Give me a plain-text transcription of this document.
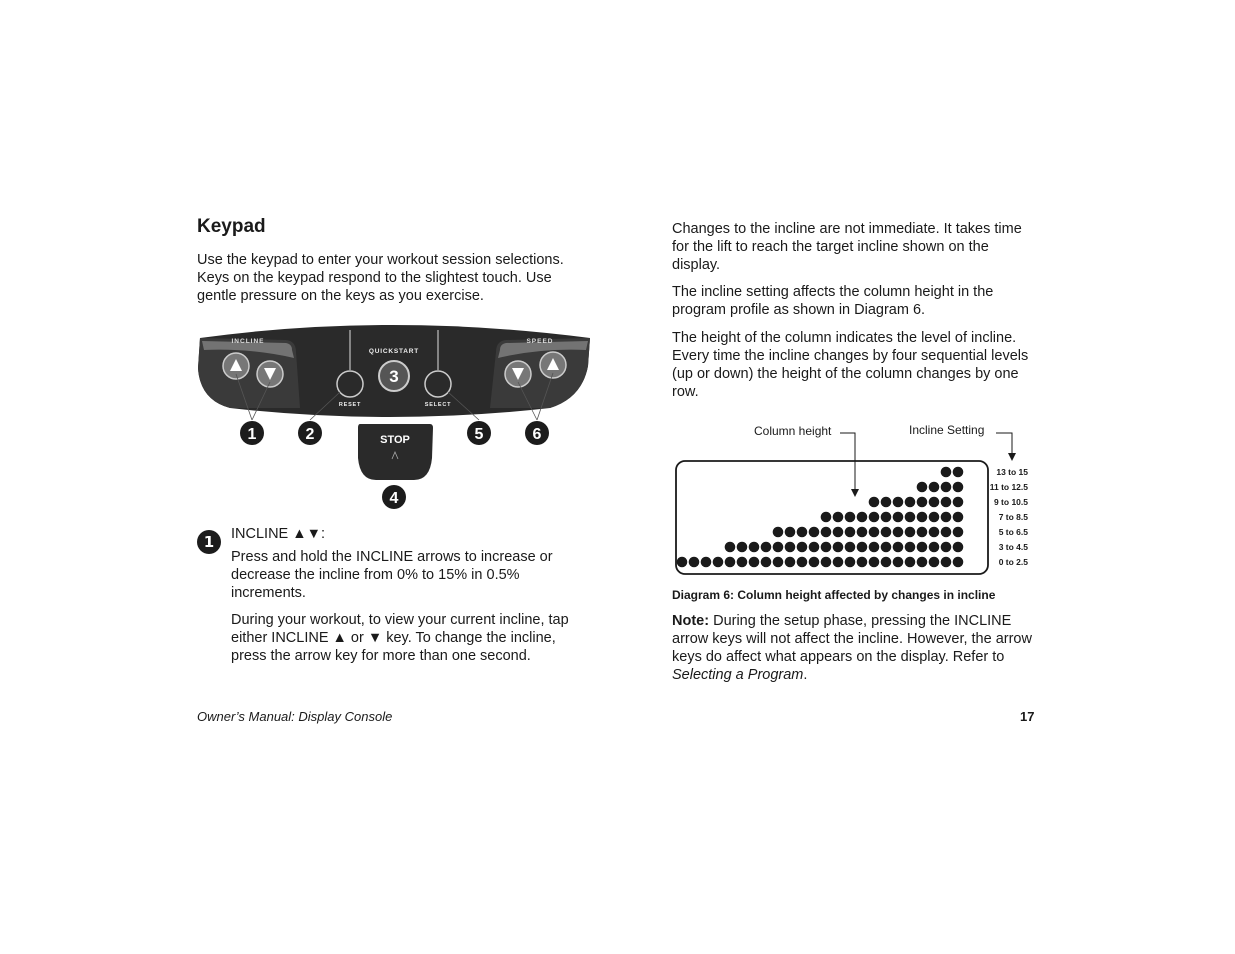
Keypad

Use the keypad to enter your workout session selections. Keys on the keypad respond to the slightest touch. Use gentle pressure on the keys as you exercise.

INCLINE	SPEED
QUICKSTART
3
RESET	SELECT
1	2	5	6
STOP
4
1	INCLINE ▲▼:

Press and hold the INCLINE arrows to increase or decrease the incline from 0% to 15% in 0.5% increments.

During your workout, to view your current incline, tap either INCLINE ▲ or ▼ key. To change the incline, press the arrow key for more than one second.

Changes to the incline are not immediate. It takes time for the lift to reach the target incline shown on the display.

The incline setting affects the column height in the program profile as shown in Diagram 6.

The height of the column indicates the level of incline. Every time the incline changes by four sequential levels (up or down) the height of the column changes by one row.

Column height	Incline Setting
13 to 15
11 to 12.5
9 to 10.5
7 to 8.5
5 to 6.5
3 to 4.5
0 to 2.5
Diagram 6: Column height affected by changes in incline

Note: During the setup phase, pressing the INCLINE arrow keys will not affect the incline. However, the arrow keys do affect what appears on the display. Refer to Selecting a Program.

Owner’s Manual: Display Console	17
